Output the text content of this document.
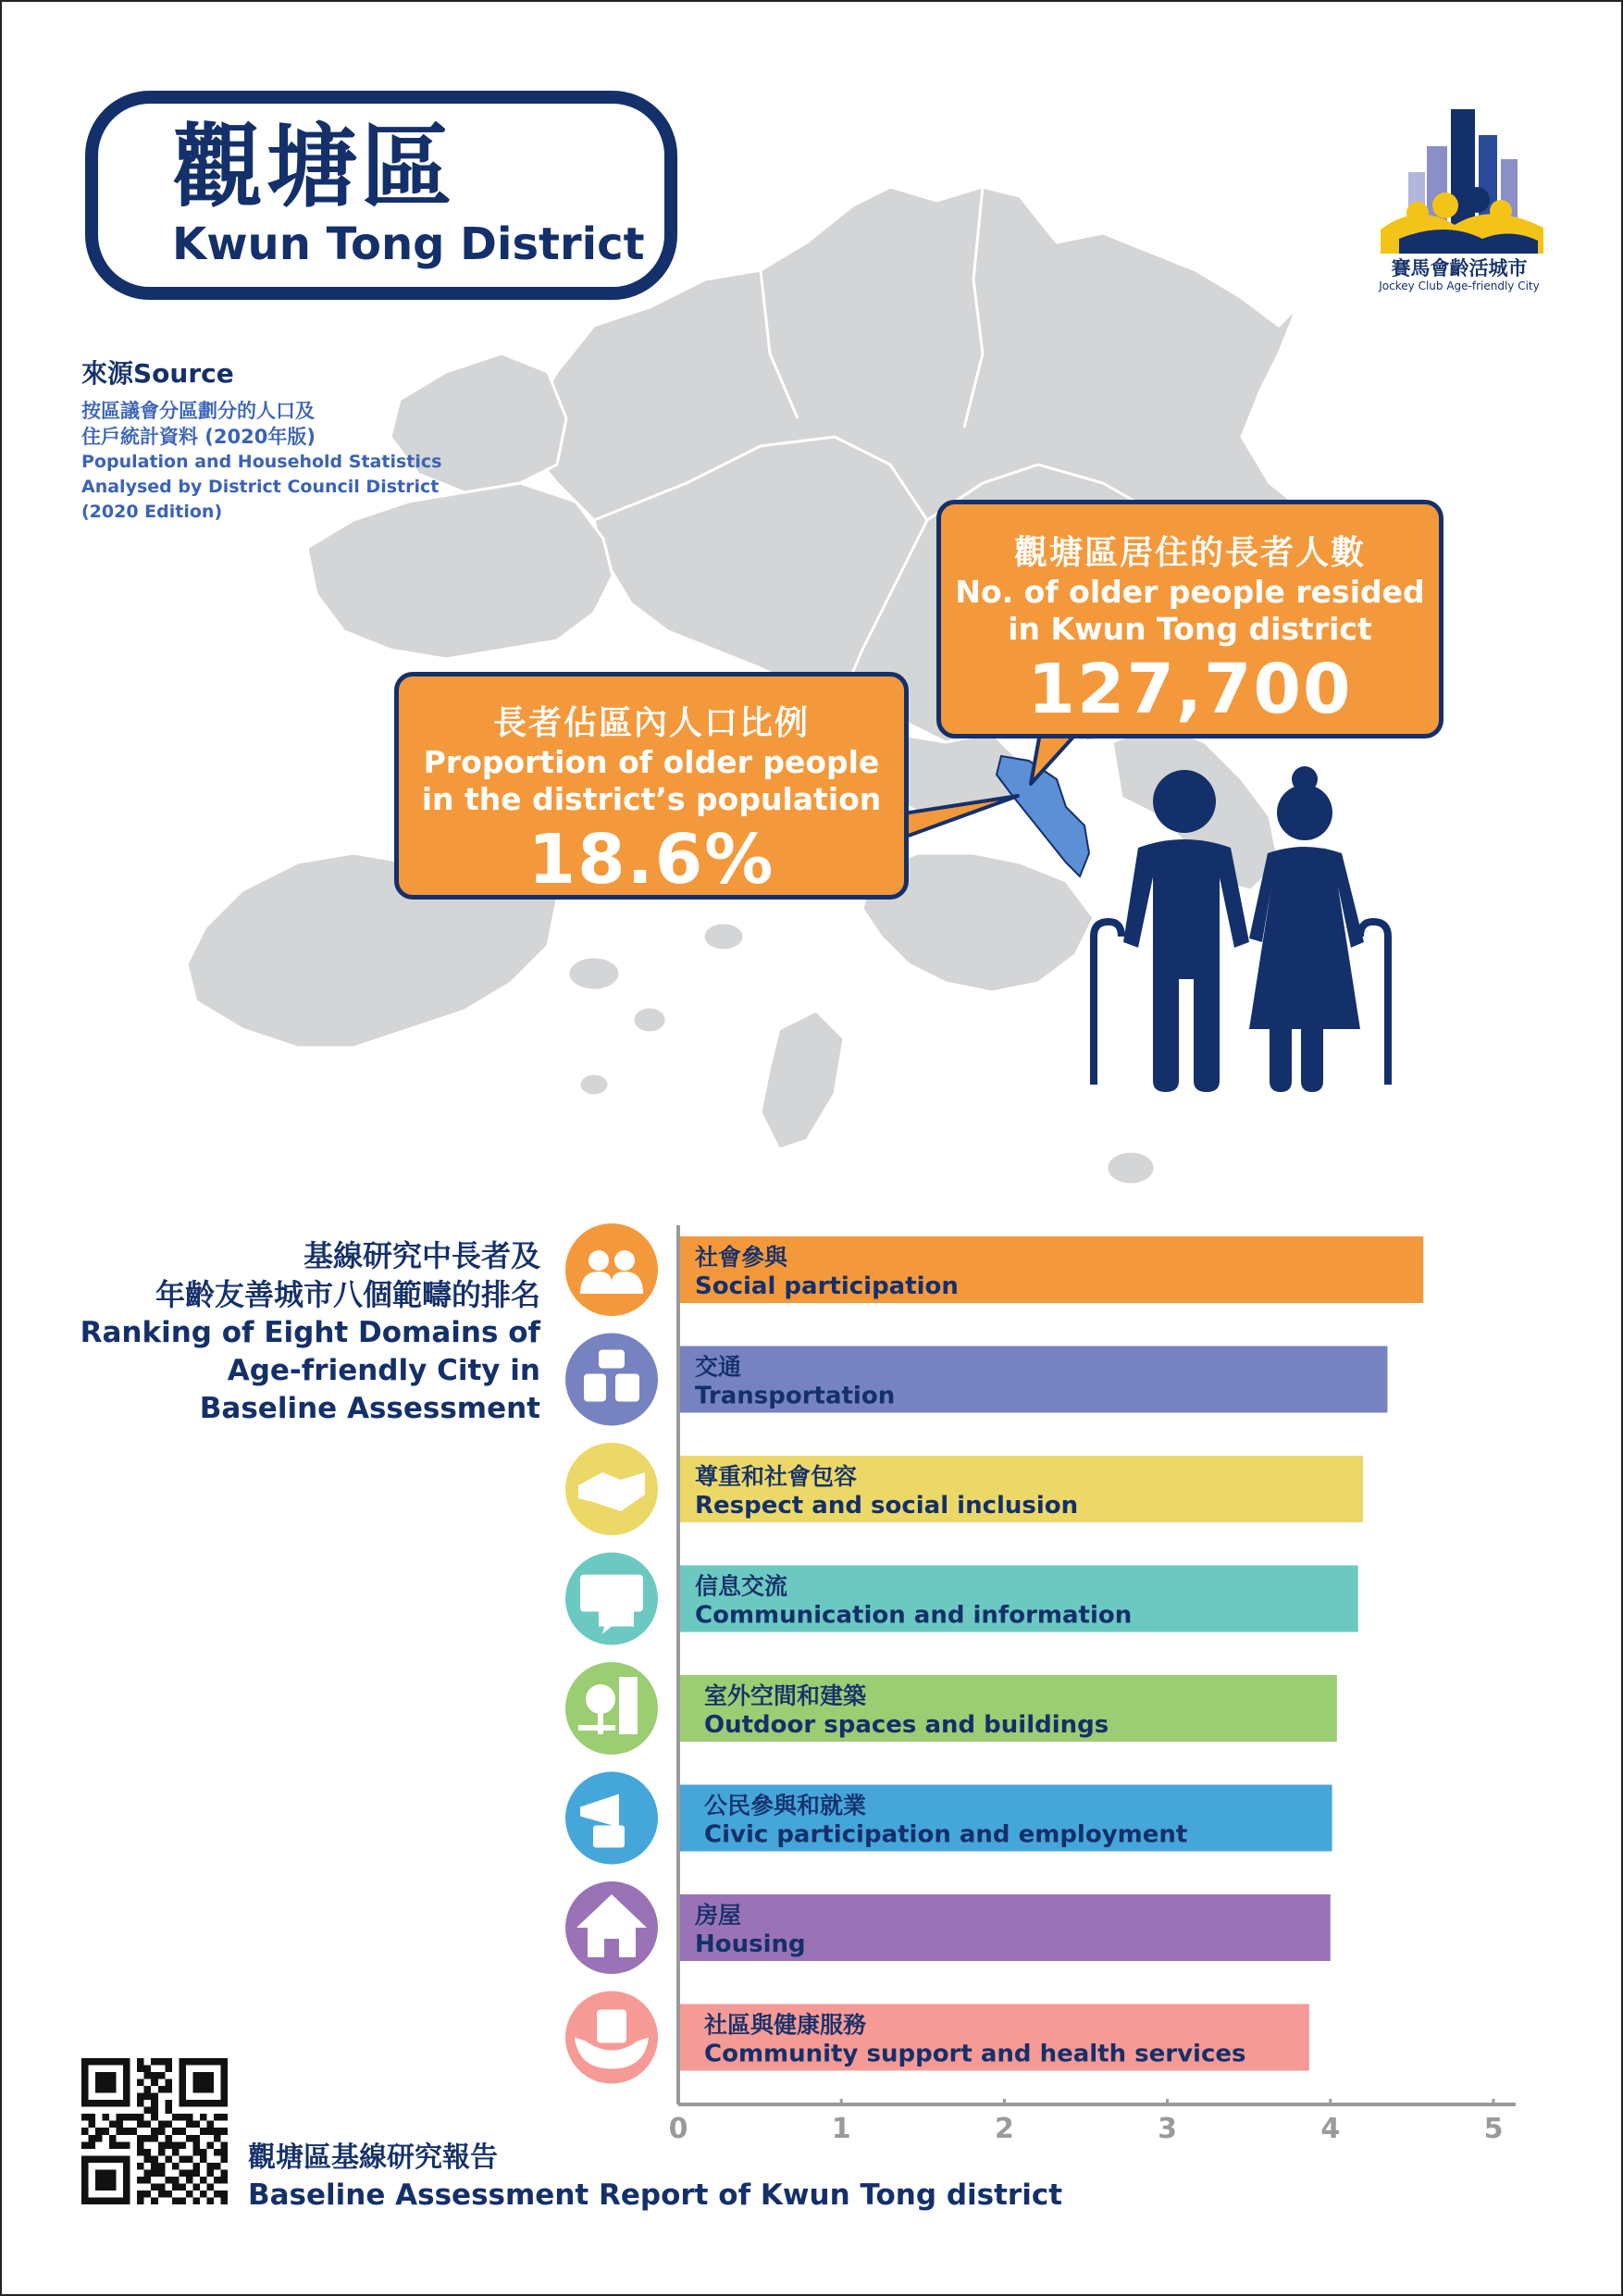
觀塘區
Kwun Tong District	賽馬會齡活城市
Jockey Club Age-friendly City
來源Source
按區議會分區劃分的人口及
住戶統計資料 (2020年版)
Population and Household Statistics
Analysed by District Council District
(2020 Edition)
觀塘區居住的長者人數
No. of older people resided
in Kwun Tong district
127,700
長者佔區內人口比例
Proportion of older people
in the district’s population
18.6%
基線研究中長者及
年齡友善城市八個範疇的排名
Ranking of Eight Domains of
Age-friendly City in
Baseline Assessment
社會參與
Social participation
交通
Transportation
尊重和社會包容
Respect and social inclusion
信息交流
Communication and information
室外空間和建築
Outdoor spaces and buildings
公民參與和就業
Civic participation and employment
房屋
Housing
社區與健康服務
Community support and health services
0	1	2	3	4	5
觀塘區基線研究報告
Baseline Assessment Report of Kwun Tong district
